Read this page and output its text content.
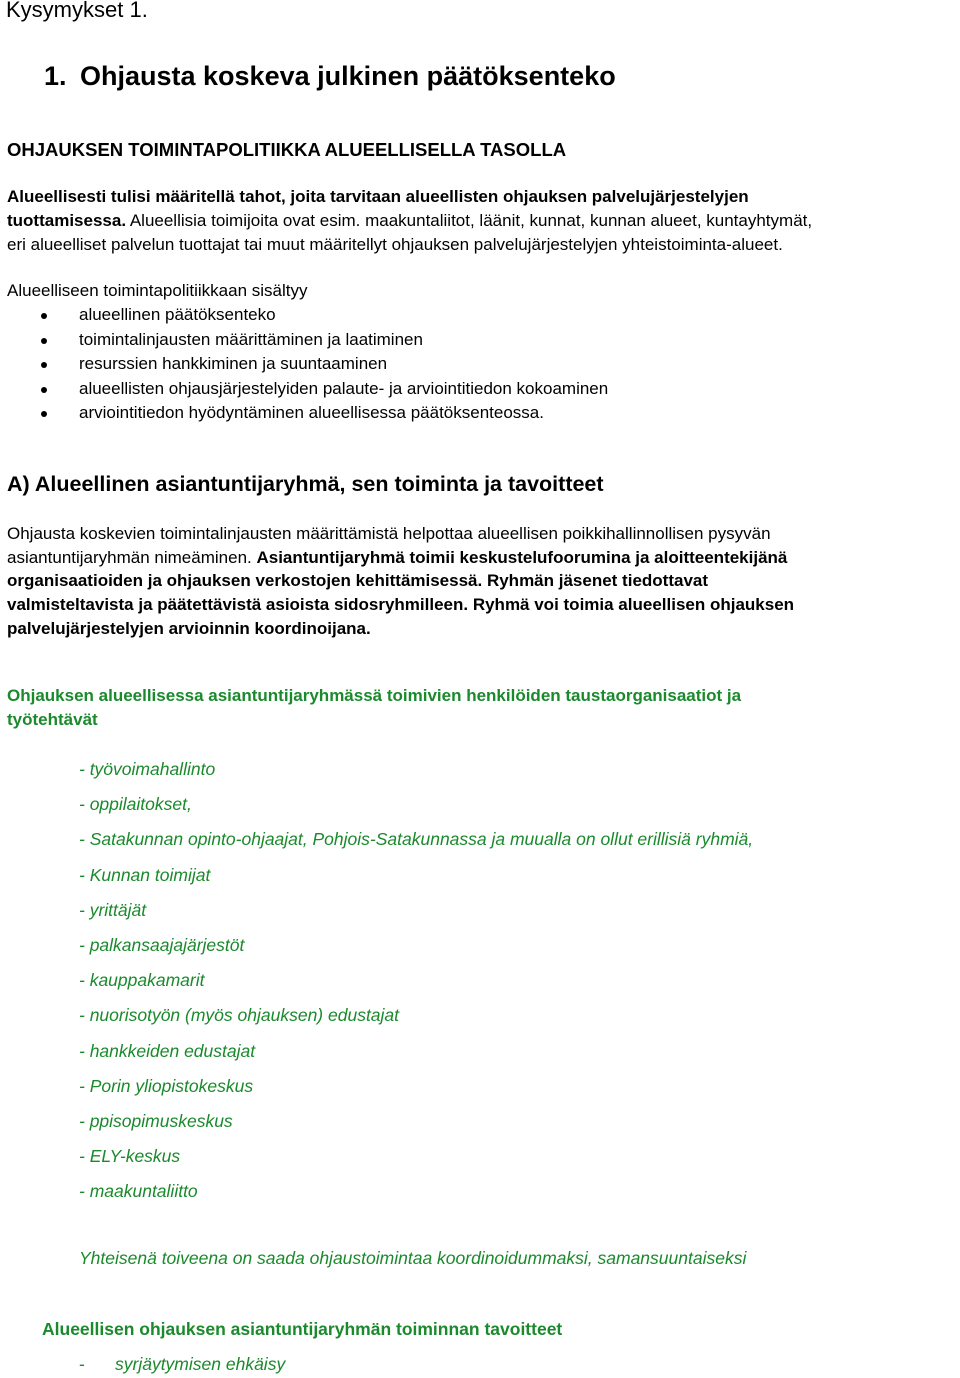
Kysymykset 1.
1. Ohjausta koskeva julkinen päätöksenteko
OHJAUKSEN TOIMINTAPOLITIIKKA ALUEELLISELLA TASOLLA
Alueellisesti tulisi määritellä tahot, joita tarvitaan alueellisten ohjauksen palvelujärjestelyjen
tuottamisessa. Alueellisia toimijoita ovat esim. maakuntaliitot, läänit, kunnat, kunnan alueet, kuntayhtymät,
eri alueelliset palvelun tuottajat tai muut määritellyt ohjauksen palvelujärjestelyjen yhteistoiminta-alueet.
Alueelliseen toimintapolitiikkaan sisältyy
alueellinen päätöksenteko
toimintalinjausten määrittäminen ja laatiminen
resurssien hankkiminen ja suuntaaminen
alueellisten ohjausjärjestelyiden palaute- ja arviointitiedon kokoaminen
arviointitiedon hyödyntäminen alueellisessa päätöksenteossa.
A) Alueellinen asiantuntijaryhmä, sen toiminta ja tavoitteet
Ohjausta koskevien toimintalinjausten määrittämistä helpottaa alueellisen poikkihallinnollisen pysyvän
asiantuntijaryhmän nimeäminen. Asiantuntijaryhmä toimii keskustelufoorumina ja aloitteentekijänä
organisaatioiden ja ohjauksen verkostojen kehittämisessä. Ryhmän jäsenet tiedottavat
valmisteltavista ja päätettävistä asioista sidosryhmilleen. Ryhmä voi toimia alueellisen ohjauksen
palvelujärjestelyjen arvioinnin koordinoijana.
Ohjauksen alueellisessa asiantuntijaryhmässä toimivien henkilöiden taustaorganisaatiot ja
työtehtävät
- työvoimahallinto
- oppilaitokset,
- Satakunnan opinto-ohjaajat, Pohjois-Satakunnassa ja muualla on ollut erillisiä ryhmiä,
- Kunnan toimijat
- yrittäjät
- palkansaajajärjestöt
- kauppakamarit
- nuorisotyön (myös ohjauksen) edustajat
- hankkeiden edustajat
- Porin yliopistokeskus
- ppisopimuskeskus
- ELY-keskus
- maakuntaliitto
Yhteisenä toiveena on saada ohjaustoimintaa koordinoidummaksi, samansuuntaiseksi
Alueellisen ohjauksen asiantuntijaryhmän toiminnan tavoitteet
- syrjäytymisen ehkäisy
